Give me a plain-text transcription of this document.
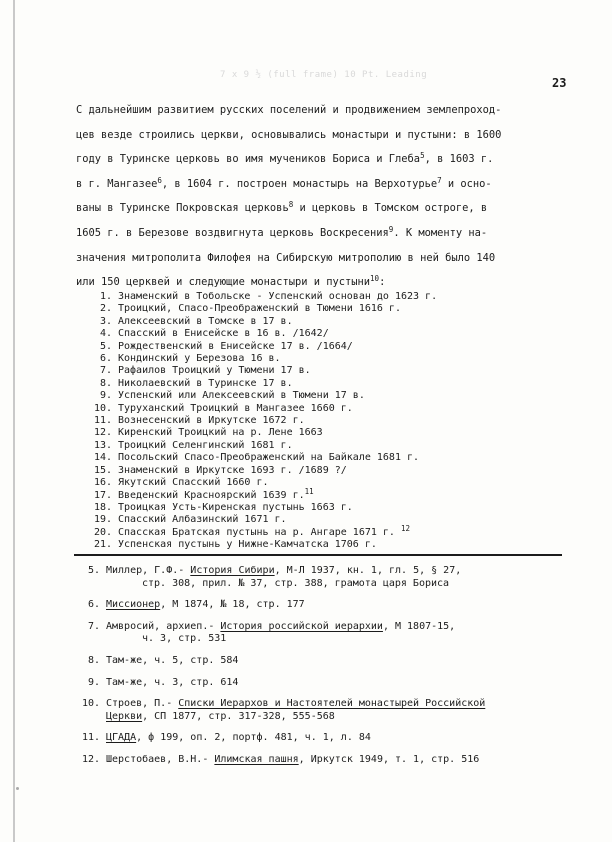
7 x 9 ½ (full frame) 10 Pt. Leading
23
С дальнейшим развитием русских поселений и продвижением землепроход-
цев везде строились церкви, основывались монастыри и пустыни: в 1600
году в Туринске церковь во имя мучеников Бориса и Глеба$^5$, в 1603 г.
в г. Мангазее$^6$, в 1604 г. построен монастырь на Верхотурье$^7$ и осно-
ваны в Туринске Покровская церковь$^8$ и церковь в Томском остроге, в
1605 г. в Березове воздвигнута церковь Воскресения$^9$. К моменту на-
значения митрополита Филофея на Сибирскую митрополию в ней было 140
или 150 церквей и следующие монастыри и пустыни$^{10}$:
1. Знаменский в Тобольске - Успенский основан до 1623 г.
2. Троицкий, Спасо-Преображенский в Тюмени 1616 г.
3. Алексеевский в Томске в 17 в.
4. Спасский в Енисейске в 16 в. /1642/
5. Рождественский в Енисейске 17 в. /1664/
6. Кондинский у Березова 16 в.
7. Рафаилов Троицкий у Тюмени 17 в.
8. Николаевский в Туринске 17 в.
9. Успенский или Алексеевский в Тюмени 17 в.
10. Туруханский Троицкий в Мангазее 1660 г.
11. Вознесенский в Иркутске 1672 г.
12. Киренский Троицкий на р. Лене 1663
13. Троицкий Селенгинский 1681 г.
14. Посольский Спасо-Преображенский на Байкале 1681 г.
15. Знаменский в Иркутске 1693 г. /1689 ?/
16. Якутский Спасский 1660 г.
17. Введенский Красноярский 1639 г.$^{11}$
18. Троицкая Усть-Киренская пустынь 1663 г.
19. Спасский Албазинский 1671 г.
20. Спасская Братская пустынь на р. Ангаре 1671 г. $^{12}$
21. Успенская пустынь у Нижне-Камчатска 1706 г.
5. Миллер, Г.Ф.- История Сибири, М-Л 1937, кн. 1, гл. 5, § 27,
стр. 308, прил. № 37, стр. 388, грамота царя Бориса
6. Миссионер, М 1874, № 18, стр. 177
7. Амвросий, архиеп.- История российской иерархии, М 1807-15,
ч. 3, стр. 531
8. Там-же, ч. 5, стр. 584
9. Там-же, ч. 3, стр. 614
10. Строев, П.- Списки Иерархов и Настоятелей монастырей Российской
Церкви, СП 1877, стр. 317-328, 555-568
11. ЦГАДА, ф 199, оп. 2, портф. 481, ч. 1, л. 84
12. Шерстобаев, В.Н.- Илимская пашня, Иркутск 1949, т. 1, стр. 516
